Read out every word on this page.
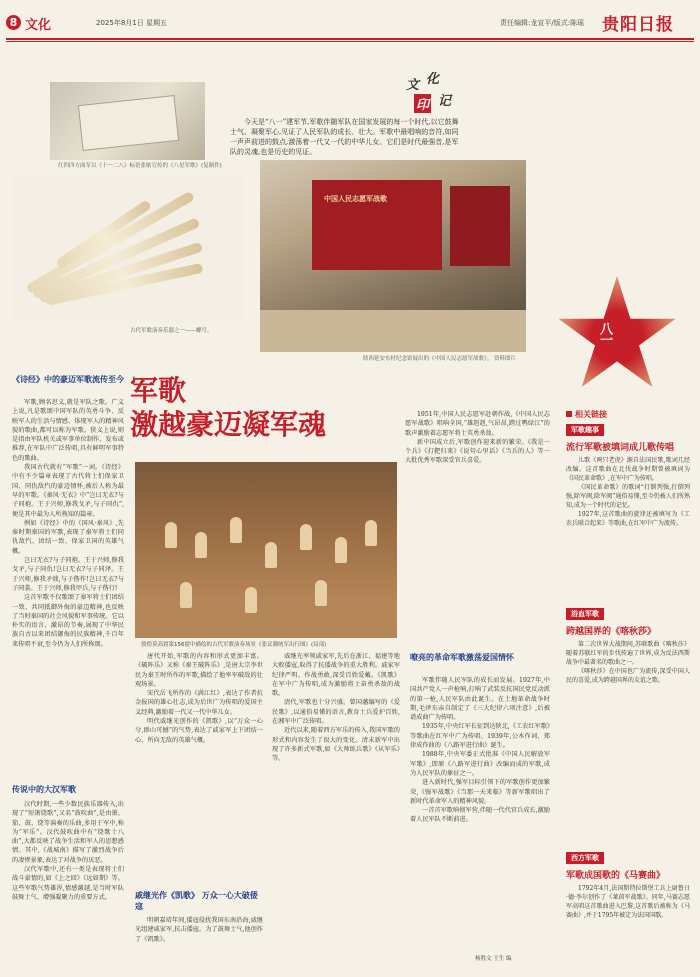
8 文化	2025年8月1日 星期五	责任编辑:龙宣平/版式:陈瑶 贵阳日报
文 化
印 记
今天是“八一”建军节,军歌伴随军队在国家发展的每一个时代,以它鼓舞士气、凝聚军心,见证了人民军队的成长、壮大。军歌中最唱响的音符,如同一声声前进的鼓点,激荡着一代又一代的中华儿女。它们是时代最强音,是军队的灵魂,也是历史的见证。
红四四方面军以《十一二八》标语张贴宣传的《八星军歌》(复制件)
古代军歌演奏乐器之一——螺号。
中国人民志愿军战歌
陕西延安东村纪念馆展出的《中国人民志愿军战歌》。 资料图片
八一
军歌
激越豪迈凝军魂
敦煌莫高窟第156窟中描绘的古代军歌演奏场景《张议潮统军出行图》(局部)
《诗经》中的豪迈军歌流传至今

军歌,顾名思义,就是军队之歌。广义上说,凡是歌颂中国军队的英勇斗争、反映军人的生活与情感、体现军人的精神风貌的歌曲,都可以称为军歌。狭义上说,则是指由军队机关或军事单位制作、发布或推荐,在军队中广泛传唱,具有鲜明军事特色的歌曲。

我国古代就有“军歌”一词。《诗经》中有不少篇章表现了古代将士们保家卫国、同仇敌忾的豪迈情怀,被后人称为最早的军歌。《秦风·无衣》中“岂曰无衣?与子同袍。王于兴师,修我戈矛,与子同仇”,便是其中最为人所熟知的篇章。

例如《诗经》中的《国风·秦风》,先秦时期秦国的军歌,表现了秦军将士们同仇敌忾、团结一致、保家卫国的英雄气概。

岂曰无衣?与子同袍。王于兴师,修我戈矛,与子同仇!岂曰无衣?与子同泽。王于兴师,修我矛戟,与子偕作!岂曰无衣?与子同裳。王于兴师,修我甲兵,与子偕行!

这首军歌不仅歌颂了秦军将士们团结一致、共同抵御外侮的豪迈精神,也反映了当时秦国的社会风貌和军事传统。它以朴实的语言、激昂的节奏,展现了中华民族自古以来团结御侮的民族精神,千百年来传唱不衰,至今仍为人们所称颂。

传说中的大汉军歌

汉代时期,一些少数民族乐器传入,出现了“短箫铙歌”,又名“鼓吹曲”,是由箫、笳、鼓、铙等演奏的乐曲,多用于军中,称为“军乐”。汉代鼓吹曲中有“铙歌十八曲”,大都反映了战争生活和军人的思想感情。其中,《战城南》描写了激烈战争后的凄惨景象,表达了对战争的厌恶。

汉代军歌中,还有一类是表现将士们战斗豪情的,如《上之回》《远如期》等。这些军歌气势雄浑,情感激越,是当时军队鼓舞士气、增强凝聚力的重要方式。

唐代开始,军歌的内容和形式更加丰富。《破阵乐》又称《秦王破阵乐》,是唐太宗李世民为秦王时所作的军歌,描绘了他率军破敌的壮观场景。

宋代岳飞所作的《满江红》,表达了作者抗金报国的雄心壮志,成为后世广为传唱的爱国主义经典,激励着一代又一代中华儿女。

明代戚继光创作的《凯歌》,以“万众一心兮,群山可撼”的气势,表达了戚家军上下团结一心、所向无敌的英雄气概。

戚继光作《凯歌》 万众一心大破倭寇

明朝嘉靖年间,倭寇侵扰我国东南沿海,戚继光组建戚家军,抗击倭寇。为了鼓舞士气,他创作了《凯歌》。

1951年,中国人民志愿军赴朝作战,《中国人民志愿军战歌》唱响全国,“雄赳赳,气昂昂,跨过鸭绿江”的歌声激励着志愿军将士英勇杀敌。

新中国成立后,军歌创作迎来新的繁荣。《我是一个兵》《打靶归来》《说句心里话》《当兵的人》等一大批优秀军歌深受官兵喜爱。

戚继光率领戚家军,先后在浙江、福建等地大败倭寇,取得了抗倭战争的重大胜利。戚家军纪律严明、作战勇敢,深受百姓爱戴。《凯歌》在军中广为传唱,成为激励将士奋勇杀敌的战歌。

清代,军歌也十分兴盛。曾国藩编写的《爱民歌》,以通俗易懂的语言,教育士兵爱护百姓,在湘军中广泛传唱。

近代以来,随着西方军乐的传入,我国军歌的形式和内容发生了很大的变化。清末新军中出现了许多新式军歌,如《大帅练兵歌》《从军乐》等。

嘹亮的革命军歌激荡爱国情怀

军歌伴随人民军队的成长而发展。1927年,中国共产党人一声枪响,打响了武装反抗国民党反动派的第一枪,人民军队由此诞生。在土地革命战争时期,毛泽东亲自制定了《三大纪律六项注意》,后被谱成曲广为传唱。

1935年,中央红军长征到达陕北,《工农红军歌》等歌曲在红军中广为传唱。1939年,公木作词、郑律成作曲的《八路军进行曲》诞生。

1988年,中央军委正式批准《中国人民解放军军歌》,即原《八路军进行曲》改编而成的军歌,成为人民军队的象征之一。

进入新时代,强军目标引领下的军歌创作更加繁荣,《强军战歌》《当那一天来临》等新军歌唱出了新时代革命军人的精神风貌。

一首首军歌响彻军营,伴随一代代官兵成长,激励着人民军队不断前进。

杨胜文 王生 编
相关链接
军歌趣事
流行军歌被填词成儿歌传唱

儿歌《两只老虎》源自法国民歌,歌词几经改编。这首歌曲在北伐战争时期曾被填词为《国民革命歌》,在军中广为传唱。

《国民革命歌》的歌词“打倒列强,打倒列强,除军阀,除军阀”通俗易懂,至今仍被人们所熟知,成为一个时代的记忆。

1927年,这首歌曲的旋律还被填写为《工农兵联合起来》等歌曲,在红军中广为流传。

浴血军歌
跨越国界的《喀秋莎》

第二次世界大战期间,苏联歌曲《喀秋莎》随着苏联红军的步伐传遍了世界,成为反法西斯战争中最著名的歌曲之一。

《喀秋莎》在中国也广为流传,深受中国人民的喜爱,成为跨越国界的友谊之歌。

西方军歌
军歌成国歌的《马赛曲》

1792年4月,法国斯特拉斯堡工兵上尉鲁日·德·李尔创作了《莱茵军战歌》。同年,马赛志愿军高唱这首歌曲进入巴黎,这首歌后被称为《马赛曲》,并于1795年被定为法国国歌。
